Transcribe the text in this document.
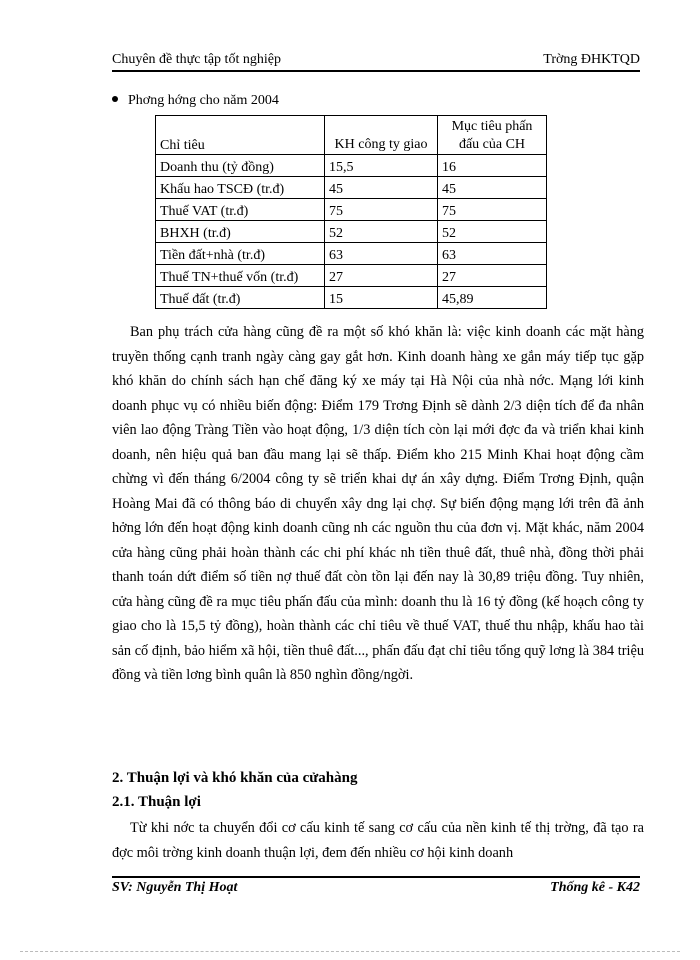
Chuyên đề thực tập tốt nghiệp	Trờng ĐHKTQD
Phơng hớng cho năm 2004
Chỉ tiêu	KH công ty giao	Mục tiêu phấn đấu của CH
Doanh thu (tỷ đồng)	15,5	16
Khấu hao TSCĐ (tr.đ)	45	45
Thuế VAT (tr.đ)	75	75
BHXH (tr.đ)	52	52
Tiền đất+nhà (tr.đ)	63	63
Thuế TN+thuế vốn (tr.đ)	27	27
Thuế đất (tr.đ)	15	45,89

Ban phụ trách cửa hàng cũng đề ra một số khó khăn là: việc kinh doanh các mặt hàng truyền thống cạnh tranh ngày càng gay gắt hơn. Kinh doanh hàng xe gắn máy tiếp tục gặp khó khăn do chính sách hạn chế đăng ký xe máy tại Hà Nội của nhà nớc. Mạng lới kinh doanh phục vụ có nhiều biến động: Điểm 179 Trơng Định sẽ dành 2/3 diện tích để đa nhân viên lao động Tràng Tiền vào hoạt động, 1/3 diện tích còn lại mới đợc đa và triển khai kinh doanh, nên hiệu quả ban đầu mang lại sẽ thấp. Điểm kho 215 Minh Khai hoạt động cầm chừng vì đến tháng 6/2004 công ty sẽ triển khai dự án xây dựng. Điểm Trơng Định, quận Hoàng Mai đã có thông báo di chuyển xây dng lại chợ. Sự biến động mạng lới trên đã ảnh hởng lớn đến hoạt động kinh doanh cũng nh các nguồn thu của đơn vị. Mặt khác, năm 2004 cửa hàng cũng phải hoàn thành các chi phí khác nh tiền thuê đất, thuê nhà, đồng thời phải thanh toán dứt điểm số tiền nợ thuế đất còn tồn lại đến nay là 30,89 triệu đồng. Tuy nhiên, cửa hàng cũng đề ra mục tiêu phấn đấu của mình: doanh thu là 16 tỷ đồng (kế hoạch công ty giao cho là 15,5 tỷ đồng), hoàn thành các chỉ tiêu về thuế VAT, thuế thu nhập, khấu hao tài sản cố định, bảo hiểm xã hội, tiền thuê đất..., phấn đấu đạt chỉ tiêu tổng quỹ lơng là 384 triệu đồng và tiền lơng bình quân là 850 nghìn đồng/ngời.

2. Thuận lợi và khó khăn của cửahàng

2.1. Thuận lợi

Từ khi nớc ta chuyển đổi cơ cấu kinh tế sang cơ cấu của nền kinh tế thị trờng, đã tạo ra đợc môi trờng kinh doanh thuận lợi, đem đến nhiều cơ hội kinh doanh

SV: Nguyễn Thị Hoạt	Thống kê - K42
